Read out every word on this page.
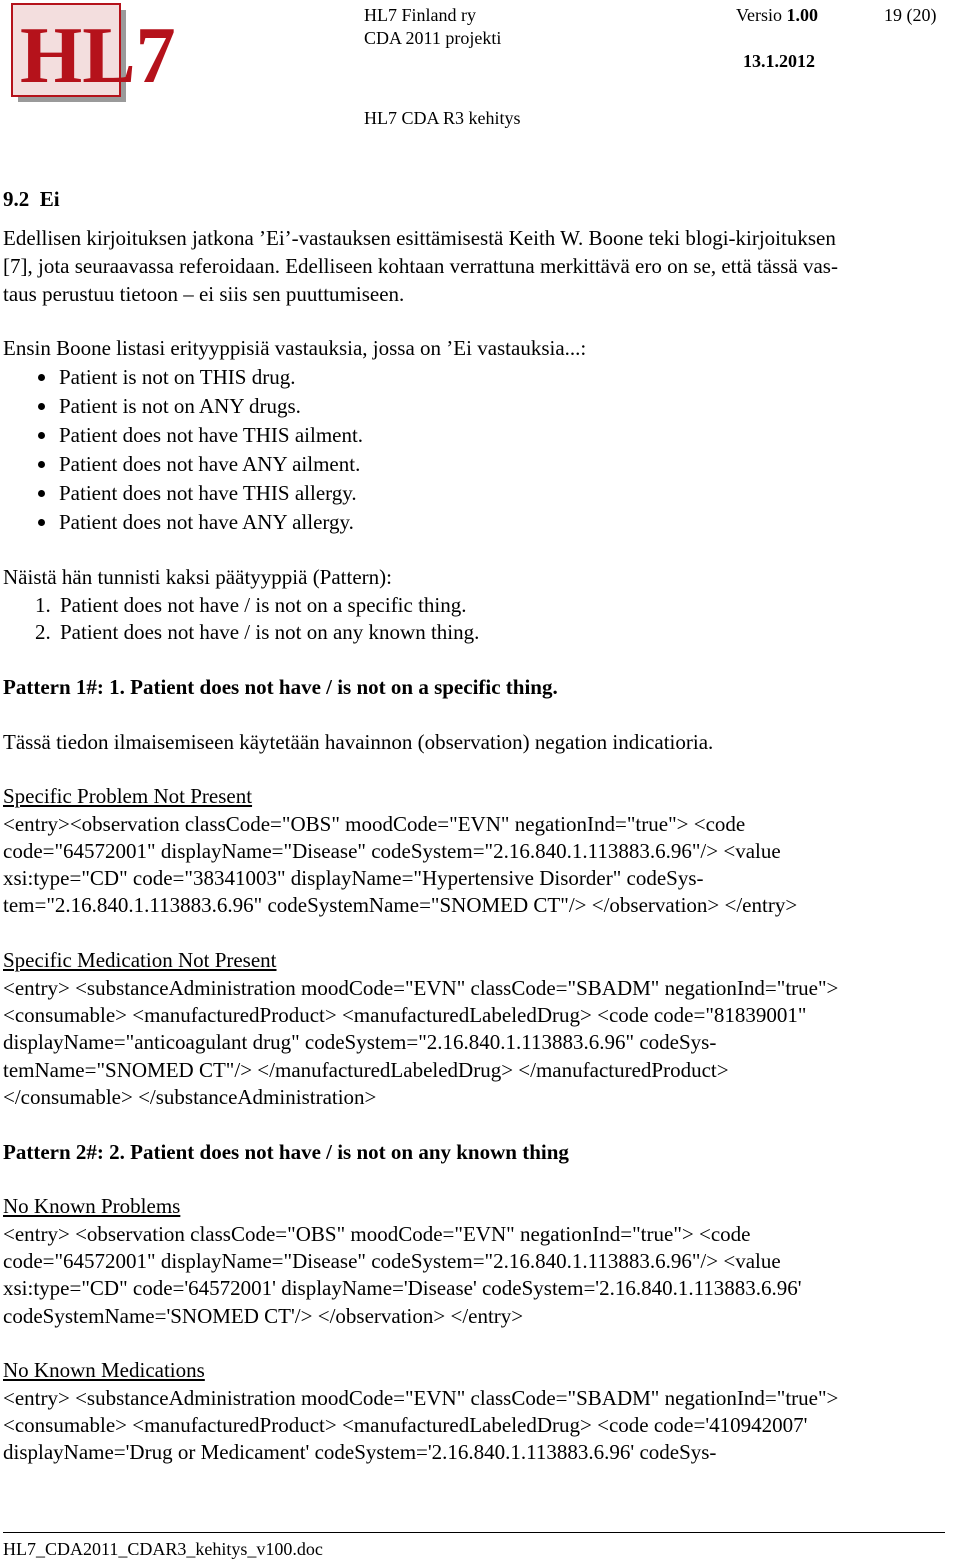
HL7	HL7 Finland ry
CDA 2011 projekti
Versio 1.00	19 (20)
13.1.2012
HL7 CDA R3 kehitys
9.2 Ei
Edellisen kirjoituksen jatkona ’Ei’-vastauksen esittämisestä Keith W. Boone teki blogi-kirjoituksen
[7], jota seuraavassa referoidaan. Edelliseen kohtaan verrattuna merkittävä ero on se, että tässä vas-
taus perustuu tietoon – ei siis sen puuttumiseen.
Ensin Boone listasi erityyppisiä vastauksia, jossa on ’Ei vastauksia...:
Patient is not on THIS drug.
Patient is not on ANY drugs.
Patient does not have THIS ailment.
Patient does not have ANY ailment.
Patient does not have THIS allergy.
Patient does not have ANY allergy.
Näistä hän tunnisti kaksi päätyyppiä (Pattern):
1. Patient does not have / is not on a specific thing.
2. Patient does not have / is not on any known thing.
Pattern 1#: 1. Patient does not have / is not on a specific thing.
Tässä tiedon ilmaisemiseen käytetään havainnon (observation) negation indicatioria.
Specific Problem Not Present
<entry><observation classCode="OBS" moodCode="EVN" negationInd="true"> <code
code="64572001" displayName="Disease" codeSystem="2.16.840.1.113883.6.96"/> <value
xsi:type="CD" code="38341003" displayName="Hypertensive Disorder" codeSys-
tem="2.16.840.1.113883.6.96" codeSystemName="SNOMED CT"/> </observation> </entry>
Specific Medication Not Present
<entry> <substanceAdministration moodCode="EVN" classCode="SBADM" negationInd="true">
<consumable> <manufacturedProduct> <manufacturedLabeledDrug> <code code="81839001"
displayName="anticoagulant drug" codeSystem="2.16.840.1.113883.6.96" codeSys-
temName="SNOMED CT"/> </manufacturedLabeledDrug> </manufacturedProduct>
</consumable> </substanceAdministration>
Pattern 2#: 2. Patient does not have / is not on any known thing
No Known Problems
<entry> <observation classCode="OBS" moodCode="EVN" negationInd="true"> <code
code="64572001" displayName="Disease" codeSystem="2.16.840.1.113883.6.96"/> <value
xsi:type="CD" code='64572001' displayName='Disease' codeSystem='2.16.840.1.113883.6.96'
codeSystemName='SNOMED CT'/> </observation> </entry>
No Known Medications
<entry> <substanceAdministration moodCode="EVN" classCode="SBADM" negationInd="true">
<consumable> <manufacturedProduct> <manufacturedLabeledDrug> <code code='410942007'
displayName='Drug or Medicament' codeSystem='2.16.840.1.113883.6.96' codeSys-
HL7_CDA2011_CDAR3_kehitys_v100.doc
